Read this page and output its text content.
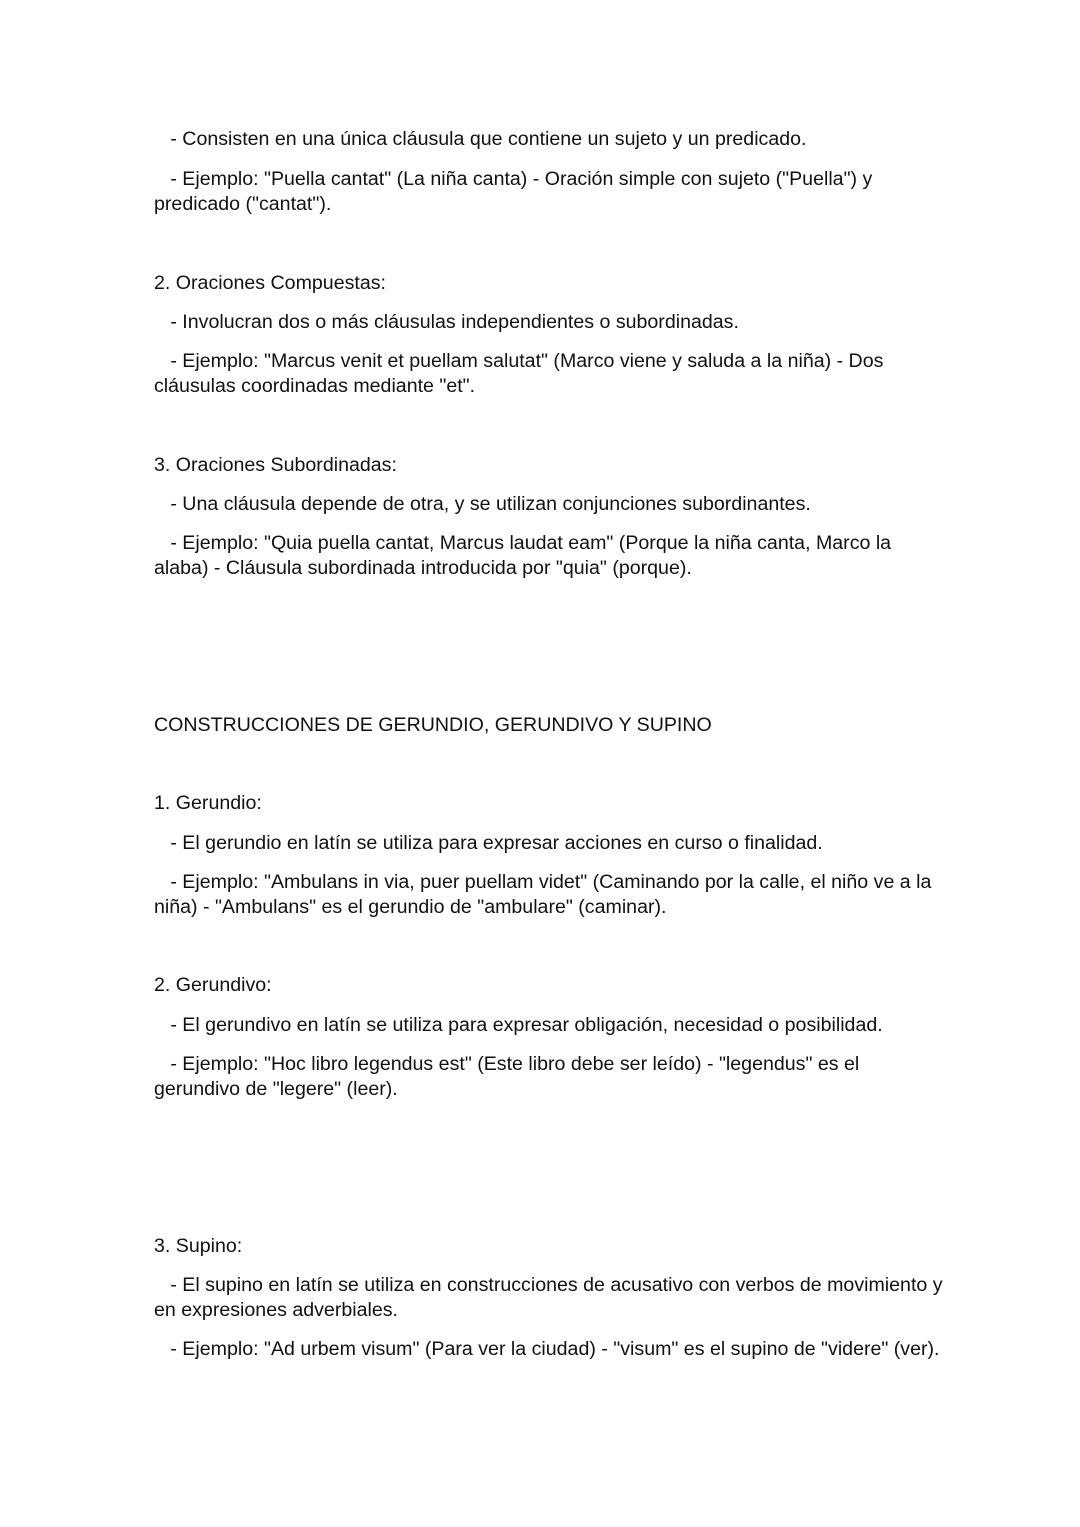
- Consisten en una única cláusula que contiene un sujeto y un predicado.

- Ejemplo: "Puella cantat" (La niña canta) - Oración simple con sujeto ("Puella") y predicado ("cantat").

2. Oraciones Compuestas:

- Involucran dos o más cláusulas independientes o subordinadas.

- Ejemplo: "Marcus venit et puellam salutat" (Marco viene y saluda a la niña) - Dos cláusulas coordinadas mediante "et".

3. Oraciones Subordinadas:

- Una cláusula depende de otra, y se utilizan conjunciones subordinantes.

- Ejemplo: "Quia puella cantat, Marcus laudat eam" (Porque la niña canta, Marco la alaba) - Cláusula subordinada introducida por "quia" (porque).

CONSTRUCCIONES DE GERUNDIO, GERUNDIVO Y SUPINO

1. Gerundio:

- El gerundio en latín se utiliza para expresar acciones en curso o finalidad.

- Ejemplo: "Ambulans in via, puer puellam videt" (Caminando por la calle, el niño ve a la niña) - "Ambulans" es el gerundio de "ambulare" (caminar).

2. Gerundivo:

- El gerundivo en latín se utiliza para expresar obligación, necesidad o posibilidad.

- Ejemplo: "Hoc libro legendus est" (Este libro debe ser leído) - "legendus" es el gerundivo de "legere" (leer).

3. Supino:

- El supino en latín se utiliza en construcciones de acusativo con verbos de movimiento y en expresiones adverbiales.

- Ejemplo: "Ad urbem visum" (Para ver la ciudad) - "visum" es el supino de "videre" (ver).
